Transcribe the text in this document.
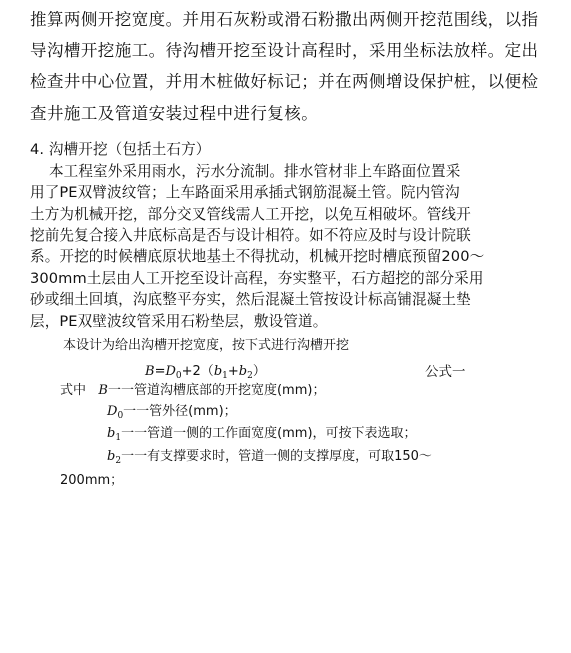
推算两侧开挖宽度。并用石灰粉或滑石粉撒出两侧开挖范围线，以指
导沟槽开挖施工。待沟槽开挖至设计高程时，采用坐标法放样。定出
检查井中心位置，并用木桩做好标记；并在两侧增设保护桩，以便检
查井施工及管道安装过程中进行复核。
4. 沟槽开挖（包括土石方）
本工程室外采用雨水，污水分流制。排水管材非上车路面位置采
用了PE双臂波纹管；上车路面采用承插式钢筋混凝土管。院内管沟
土方为机械开挖，部分交叉管线需人工开挖，以免互相破坏。管线开
挖前先复合接入井底标高是否与设计相符。如不符应及时与设计院联
系。开挖的时候槽底原状地基土不得扰动，机械开挖时槽底预留200～
300mm土层由人工开挖至设计高程，夯实整平，石方超挖的部分采用
砂或细土回填，沟底整平夯实，然后混凝土管按设计标高铺混凝土垫
层，PE双壁波纹管采用石粉垫层，敷设管道。
本设计为给出沟槽开挖宽度，按下式进行沟槽开挖
$B=D_0+2(b_1+b_2)$	公式一
式中 B一一管道沟槽底部的开挖宽度(mm)；
$D_0$一一管外径(mm)；
$b_1$一一管道一侧的工作面宽度(mm)，可按下表选取；
$b_2$一一有支撑要求时，管道一侧的支撑厚度，可取150～
200mm；
